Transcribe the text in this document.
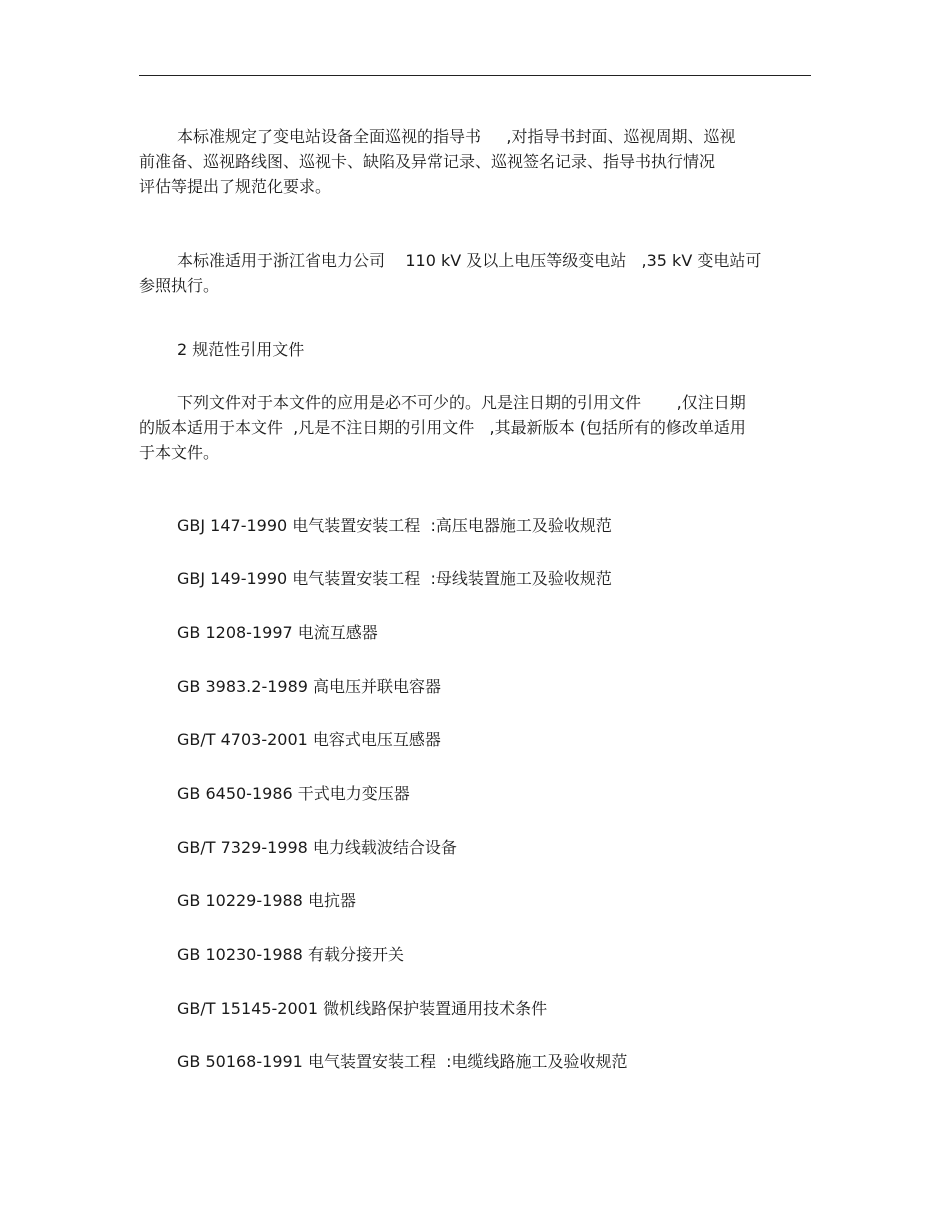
本标准规定了变电站设备全面巡视的指导书     ,对指导书封面、巡视周期、巡视
前准备、巡视路线图、巡视卡、缺陷及异常记录、巡视签名记录、指导书执行情况
评估等提出了规范化要求。
本标准适用于浙江省电力公司    110 kV 及以上电压等级变电站   ,35 kV 变电站可
参照执行。
2 规范性引用文件
下列文件对于本文件的应用是必不可少的。凡是注日期的引用文件       ,仅注日期
的版本适用于本文件  ,凡是不注日期的引用文件   ,其最新版本 (包括所有的修改单适用
于本文件。
GBJ 147-1990 电气装置安装工程  :高压电器施工及验收规范
GBJ 149-1990 电气装置安装工程  :母线装置施工及验收规范
GB 1208-1997 电流互感器
GB 3983.2-1989 高电压并联电容器
GB/T 4703-2001 电容式电压互感器
GB 6450-1986 干式电力变压器
GB/T 7329-1998 电力线载波结合设备
GB 10229-1988 电抗器
GB 10230-1988 有载分接开关
GB/T 15145-2001 微机线路保护装置通用技术条件
GB 50168-1991 电气装置安装工程  :电缆线路施工及验收规范
